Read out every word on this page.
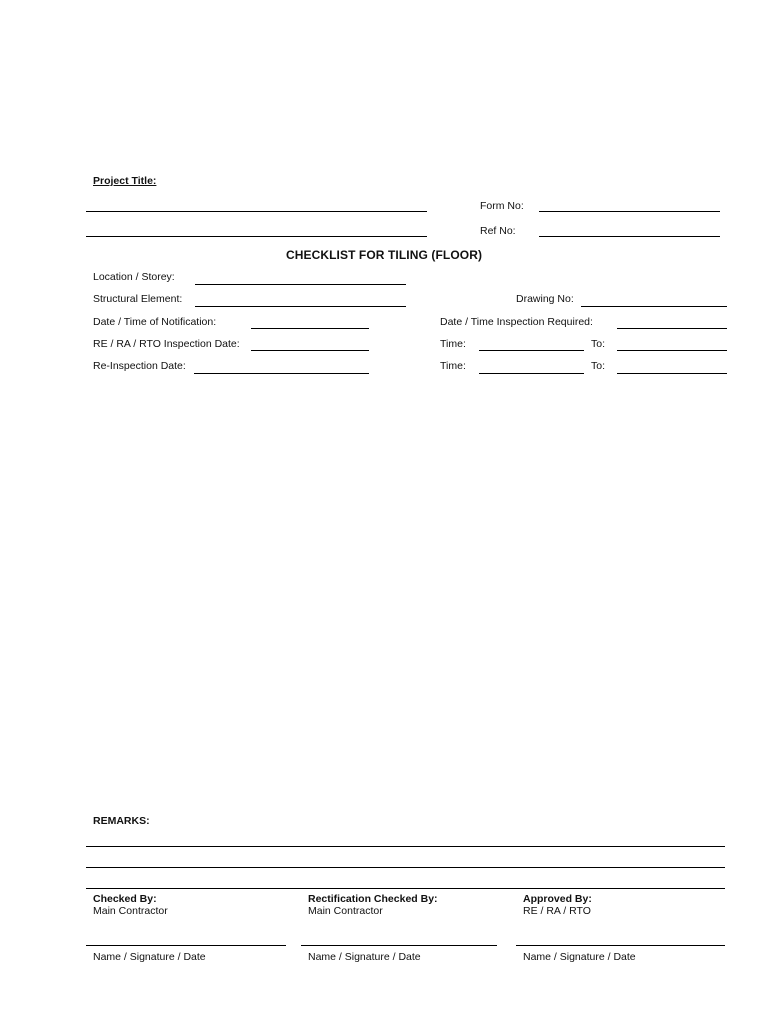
Project Title:
Form No:
Ref No:
CHECKLIST FOR TILING (FLOOR)
Location / Storey:
Structural Element:	Drawing No:
Date / Time of Notification:	Date / Time Inspection Required:
RE / RA / RTO Inspection Date:	Time:	To:
Re-Inspection Date:	Time:	To:
REMARKS:
Checked By:
Main Contractor
Name / Signature / Date
Rectification Checked By:
Main Contractor
Name / Signature / Date
Approved By:
RE / RA / RTO
Name / Signature / Date
